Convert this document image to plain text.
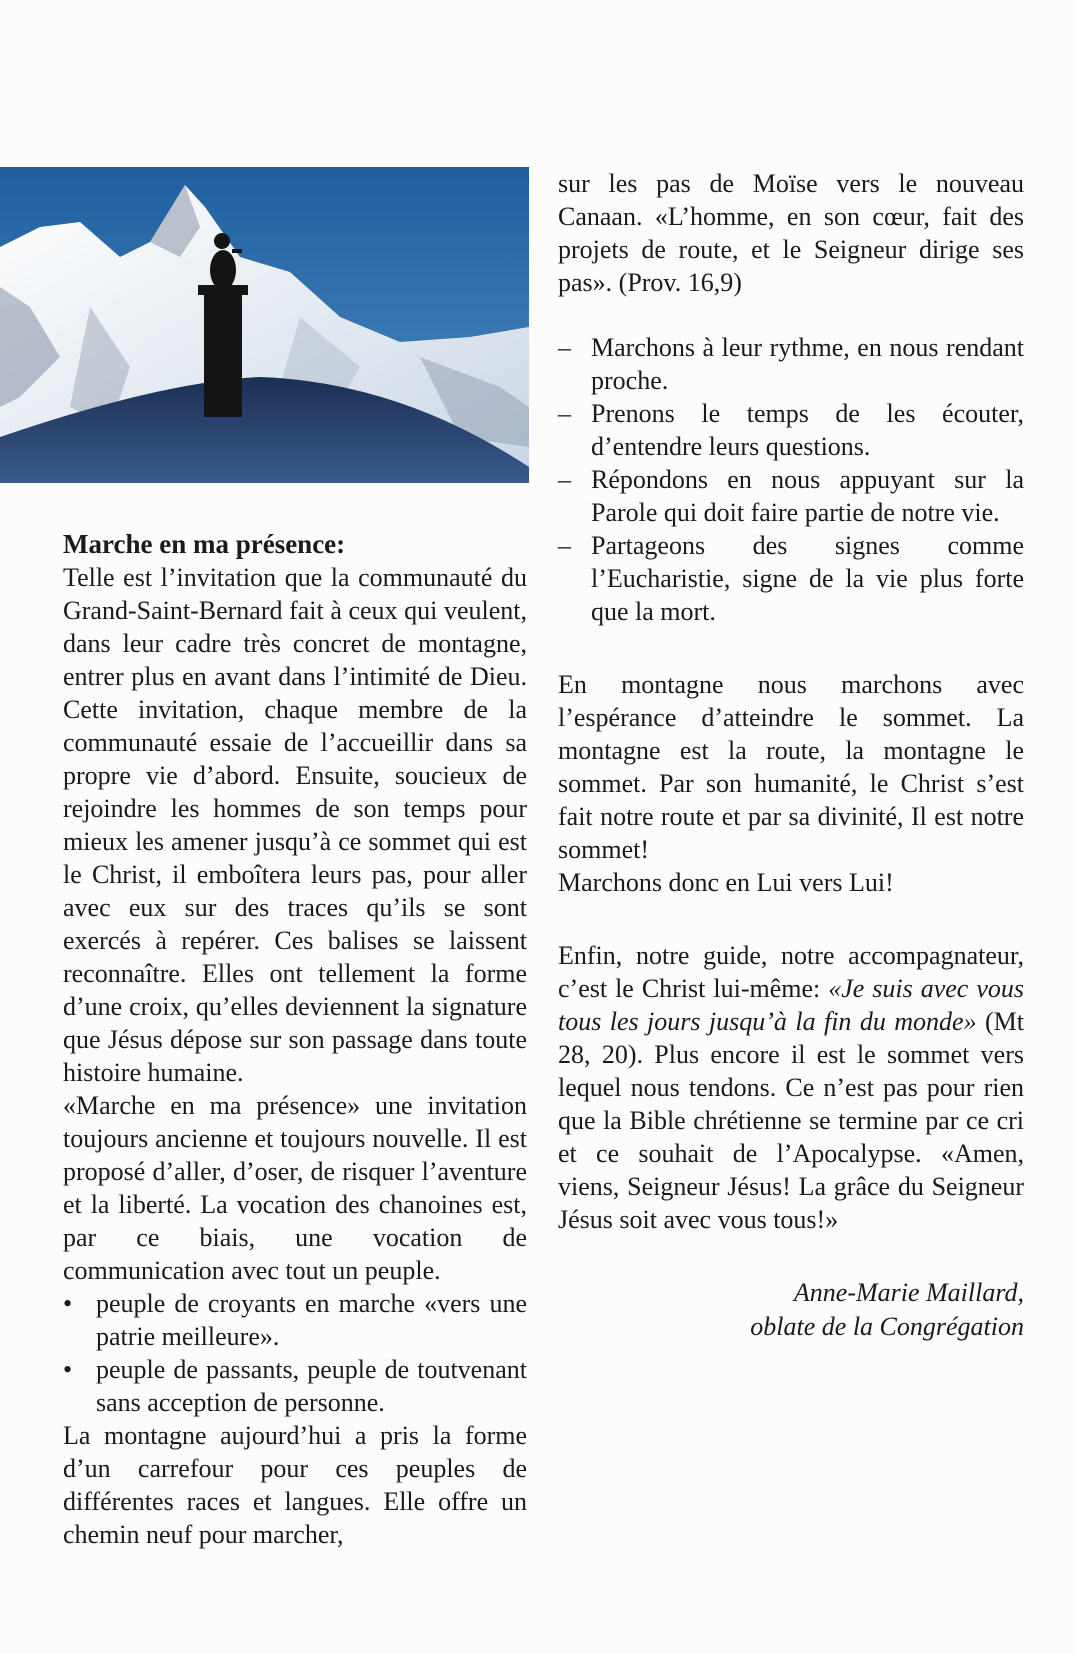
Marche en ma présence:

Telle est l’invitation que la communauté du Grand-Saint-Bernard fait à ceux qui veulent, dans leur cadre très concret de montagne, entrer plus en avant dans l’intimité de Dieu. Cette invitation, chaque membre de la communauté essaie de l’accueillir dans sa propre vie d’abord. Ensuite, soucieux de rejoindre les hommes de son temps pour mieux les amener jusqu’à ce sommet qui est le Christ, il emboîtera leurs pas, pour aller avec eux sur des traces qu’ils se sont exercés à repérer. Ces balises se laissent reconnaître. Elles ont tellement la forme d’une croix, qu’elles deviennent la signature que Jésus dépose sur son passage dans toute histoire humaine.

«Marche en ma présence» une invitation toujours ancienne et toujours nouvelle. Il est proposé d’aller, d’oser, de risquer l’aventure et la liberté. La vocation des chanoines est, par ce biais, une vocation de communication avec tout un peuple.

• peuple de croyants en marche «vers une patrie meilleure».
• peuple de passants, peuple de toutvenant sans acception de personne.

La montagne aujourd’hui a pris la forme d’un carrefour pour ces peuples de différentes races et langues. Elle offre un chemin neuf pour marcher,

sur les pas de Moïse vers le nouveau Canaan. «L’homme, en son cœur, fait des projets de route, et le Seigneur dirige ses pas». (Prov. 16,9)

– Marchons à leur rythme, en nous rendant proche.
– Prenons le temps de les écouter, d’entendre leurs questions.
– Répondons en nous appuyant sur la Parole qui doit faire partie de notre vie.
– Partageons des signes comme l’Eucharistie, signe de la vie plus forte que la mort.

En montagne nous marchons avec l’espérance d’atteindre le sommet. La montagne est la route, la montagne le sommet. Par son humanité, le Christ s’est fait notre route et par sa divinité, Il est notre sommet!

Marchons donc en Lui vers Lui!

Enfin, notre guide, notre accompagnateur, c’est le Christ lui-même: «Je suis avec vous tous les jours jusqu’à la fin du monde» (Mt 28, 20). Plus encore il est le sommet vers lequel nous tendons. Ce n’est pas pour rien que la Bible chrétienne se termine par ce cri et ce souhait de l’Apocalypse. «Amen, viens, Seigneur Jésus! La grâce du Seigneur Jésus soit avec vous tous!»

Anne-Marie Maillard,
oblate de la Congrégation
